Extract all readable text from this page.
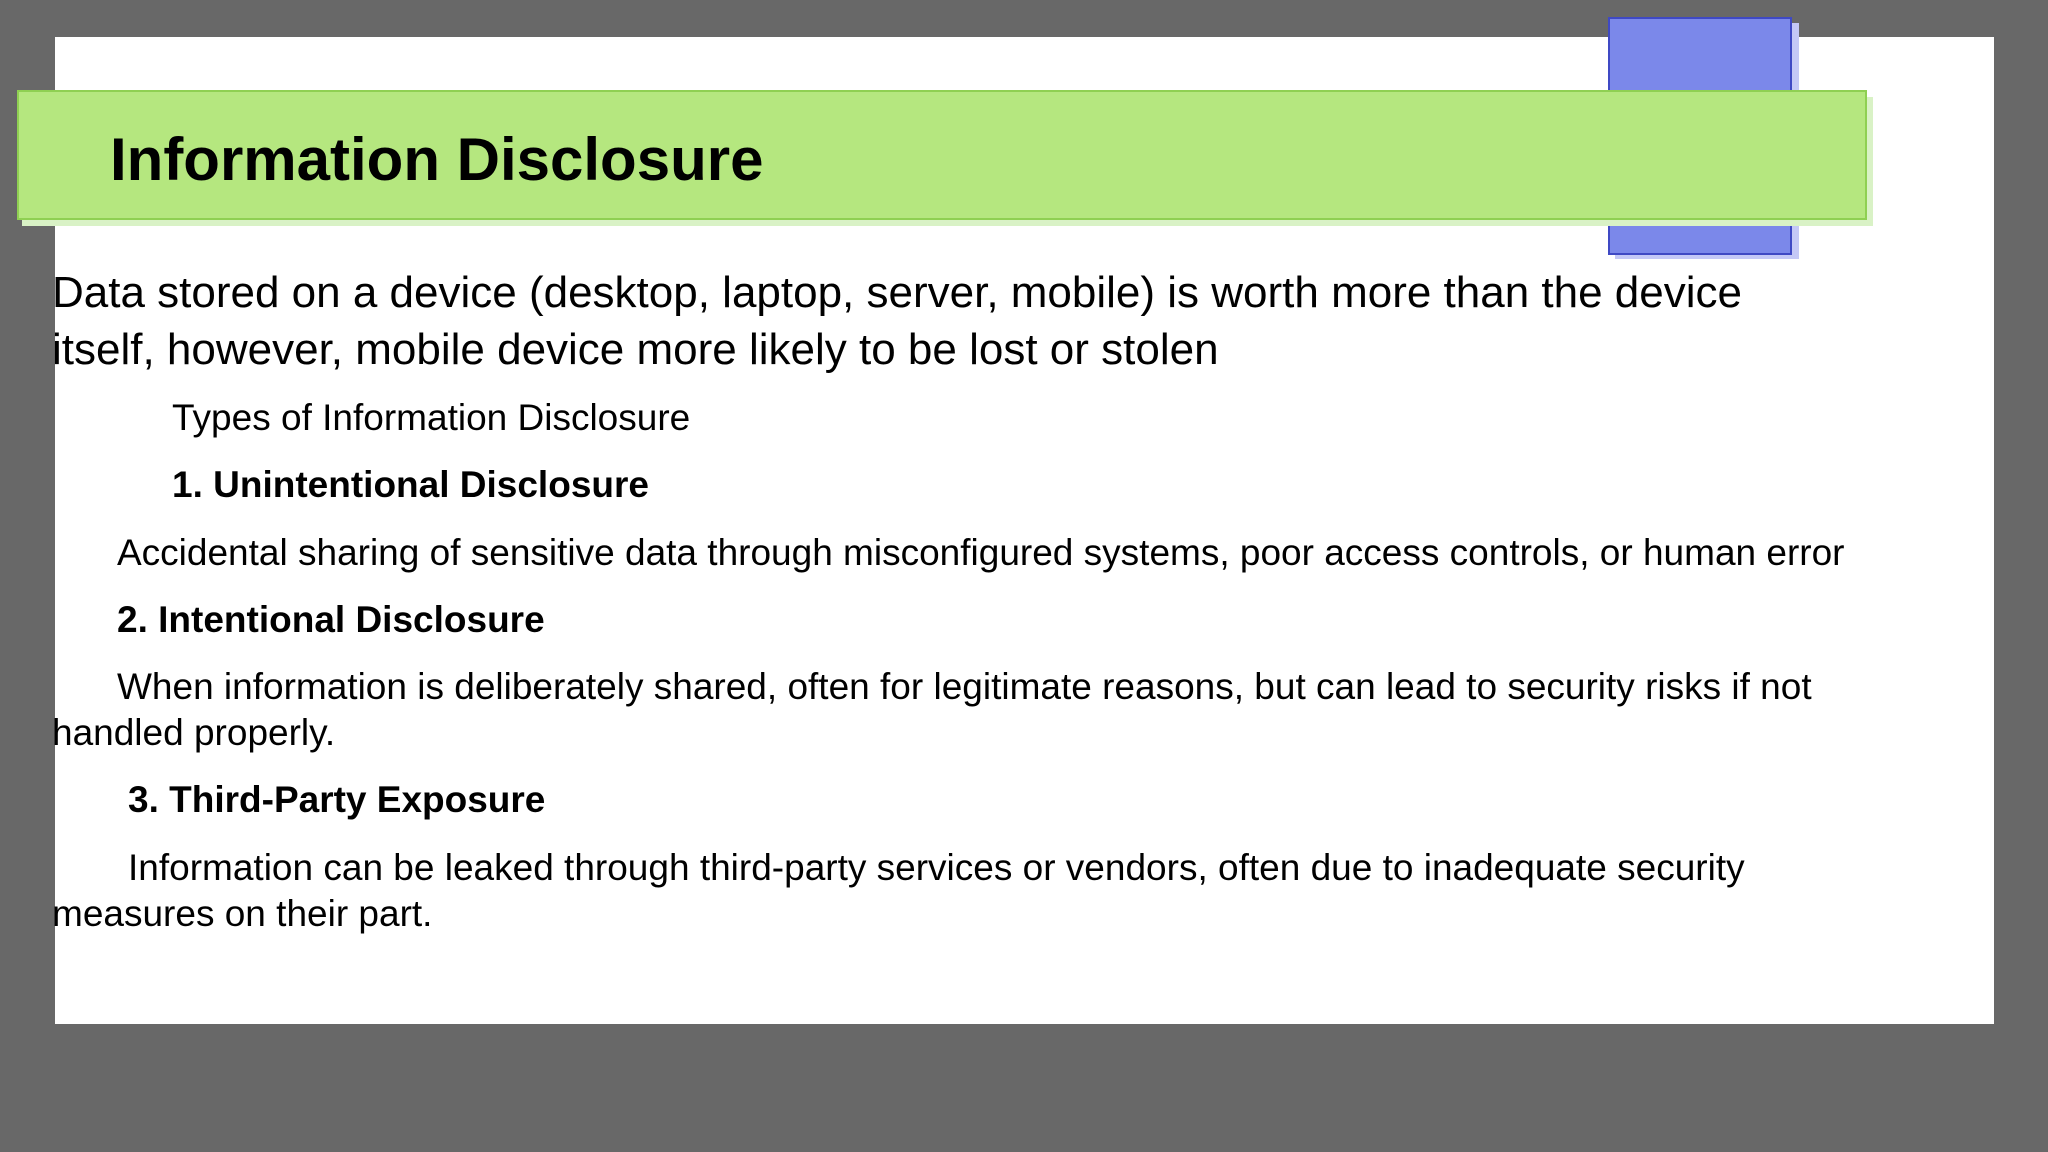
Information Disclosure
Data stored on a device (desktop, laptop, server, mobile) is worth more than the device
itself, however, mobile device more likely to be lost or stolen
Types of Information Disclosure
1. Unintentional Disclosure
Accidental sharing of sensitive data through misconfigured systems, poor access controls, or human error
2. Intentional Disclosure
When information is deliberately shared, often for legitimate reasons, but can lead to security risks if not
handled properly.
3. Third-Party Exposure
Information can be leaked through third-party services or vendors, often due to inadequate security
measures on their part.
